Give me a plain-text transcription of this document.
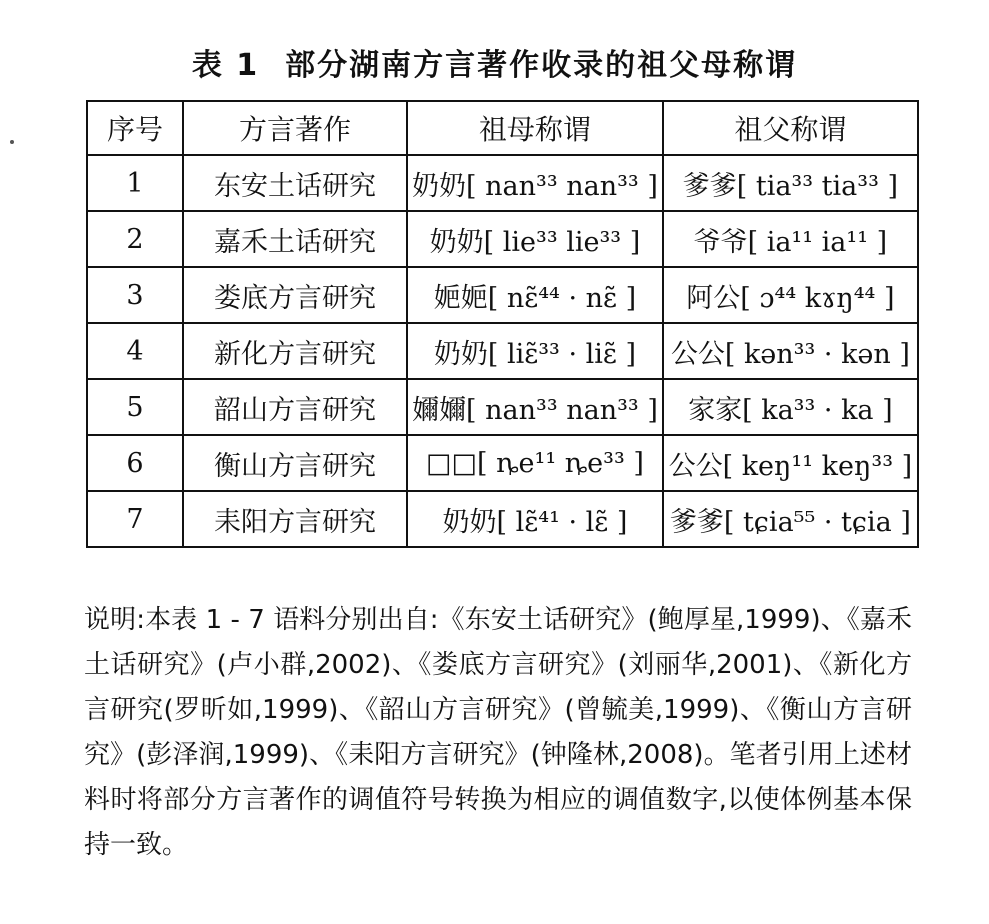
表 1 部分湖南方言著作收录的祖父母称谓
序号	方言著作	祖母称谓	祖父称谓
1	东安土话研究	奶奶[ nan³³ nan³³ ]	爹爹[ tia³³ tia³³ ]
2	嘉禾土话研究	奶奶[ lie³³ lie³³ ]	爷爷[ ia¹¹ ia¹¹ ]
3	娄底方言研究	㛂㛂[ nɛ̃⁴⁴ · nɛ̃ ]	阿公[ ɔ⁴⁴ kɤŋ⁴⁴ ]
4	新化方言研究	奶奶[ liɛ̃³³ · liɛ̃ ]	公公[ kən³³ · kən ]
5	韶山方言研究	嬭嬭[ nan³³ nan³³ ]	家家[ ka³³ · ka ]
6	衡山方言研究	□□[ ȵe¹¹ ȵe³³ ]	公公[ keŋ¹¹ keŋ³³ ]
7	耒阳方言研究	奶奶[ lɛ̃⁴¹ · lɛ̃ ]	爹爹[ tɕia⁵⁵ · tɕia ]

说明:本表 1 - 7 语料分别出自:《东安土话研究》(鲍厚星,1999)、《嘉禾土话研究》(卢小群,2002)、《娄底方言研究》(刘丽华,2001)、《新化方言研究(罗昕如,1999)、《韶山方言研究》(曾毓美,1999)、《衡山方言研究》(彭泽润,1999)、《耒阳方言研究》(钟隆林,2008)。笔者引用上述材料时将部分方言著作的调值符号转换为相应的调值数字,以使体例基本保持一致。
